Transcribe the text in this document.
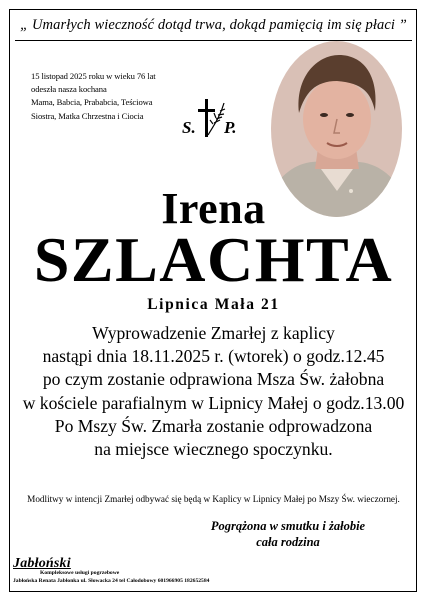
„ Umarłych wieczność dotąd trwa, dokąd pamięcią im się płaci ”
15 listopad 2025 roku w wieku 76 lat
odeszła nasza kochana
Mama, Babcia, Prababcia, Teściowa
Siostra, Matka Chrzestna i Ciocia
S. P.
Irena
SZLACHTA
Lipnica Mała 21
Wyprowadzenie Zmarłej z kaplicy
nastąpi dnia 18.11.2025 r. (wtorek) o godz.12.45
po czym zostanie odprawiona Msza Św. żałobna
w kościele parafialnym w Lipnicy Małej o godz.13.00
Po Mszy Św. Zmarła zostanie odprowadzona
na miejsce wiecznego spoczynku.
Modlitwy w intencji Zmarłej odbywać się będą w Kaplicy w Lipnicy Małej po Mszy Św. wieczornej.
Pogrążona w smutku i żałobie
cała rodzina
Jabłoński
Kompleksowe usługi pogrzebowe
Jabłońska Renata Jabłonka ul. Słowacka 24 tel Całodobowy 601966905 182652584
